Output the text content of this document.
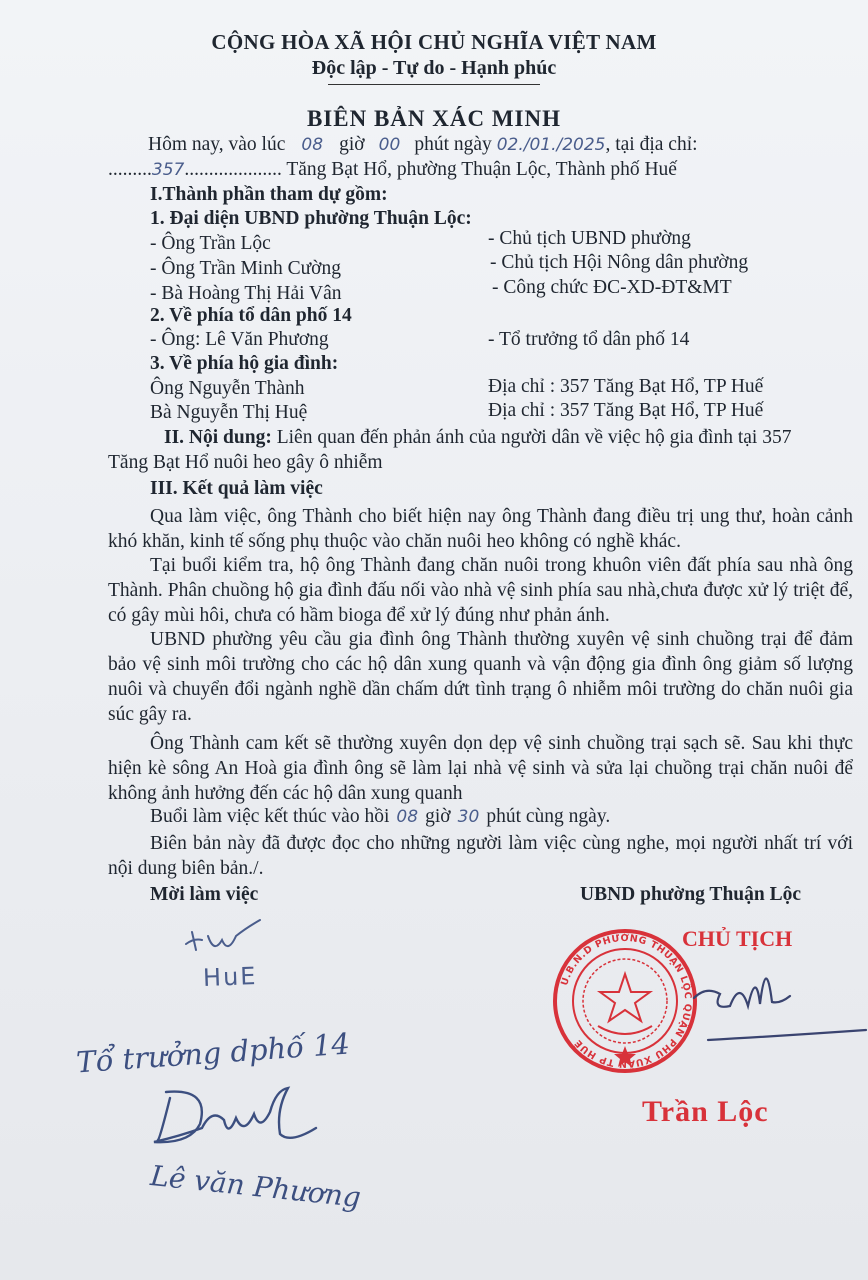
CỘNG HÒA XÃ HỘI CHỦ NGHĨA VIỆT NAM
Độc lập - Tự do - Hạnh phúc
BIÊN BẢN XÁC MINH
Hôm nay, vào lúc 08 giờ 00 phút ngày 02./01./2025, tại địa chỉ:
.........357.................... Tăng Bạt Hổ, phường Thuận Lộc, Thành phố Huế
I.Thành phần tham dự gồm:
1. Đại diện UBND phường Thuận Lộc:
- Ông Trần Lộc	- Chủ tịch UBND phường
- Ông Trần Minh Cường	- Chủ tịch Hội Nông dân phường
- Bà Hoàng Thị Hải Vân	- Công chức ĐC-XD-ĐT&MT
2. Về phía tổ dân phố 14
- Ông: Lê Văn Phương	- Tổ trưởng tổ dân phố 14
3. Về phía hộ gia đình:
Ông Nguyễn Thành	Địa chỉ : 357 Tăng Bạt Hổ, TP Huế
Bà Nguyễn Thị Huệ	Địa chỉ : 357 Tăng Bạt Hổ, TP Huế
II. Nội dung: Liên quan đến phản ánh của người dân về việc hộ gia đình tại 357
Tăng Bạt Hổ nuôi heo gây ô nhiễm
III. Kết quả làm việc
Qua làm việc, ông Thành cho biết hiện nay ông Thành đang điều trị ung thư, hoàn cảnh khó khăn, kinh tế sống phụ thuộc vào chăn nuôi heo không có nghề khác.
Tại buổi kiểm tra, hộ ông Thành đang chăn nuôi trong khuôn viên đất phía sau nhà ông Thành. Phân chuồng hộ gia đình đấu nối vào nhà vệ sinh phía sau nhà,chưa được xử lý triệt để, có gây mùi hôi, chưa có hầm bioga để xử lý đúng như phản ánh.
UBND phường yêu cầu gia đình ông Thành thường xuyên vệ sinh chuồng trại để đảm bảo vệ sinh môi trường cho các hộ dân xung quanh và vận động gia đình ông giảm số lượng nuôi và chuyển đổi ngành nghề dần chấm dứt tình trạng ô nhiễm môi trường do chăn nuôi gia súc gây ra.
Ông Thành cam kết sẽ thường xuyên dọn dẹp vệ sinh chuồng trại sạch sẽ. Sau khi thực hiện kè sông An Hoà gia đình ông sẽ làm lại nhà vệ sinh và sửa lại chuồng trại chăn nuôi để không ảnh hưởng đến các hộ dân xung quanh
Buổi làm việc kết thúc vào hồi 08 giờ 30 phút cùng ngày.
Biên bản này đã được đọc cho những người làm việc cùng nghe, mọi người nhất trí với nội dung biên bản./.
Mời làm việc	UBND phường Thuận Lộc
HuE
Tổ trưởng dphố 14
Lê văn Phương
CHỦ TỊCH
U.B.N.D PHƯỜNG THUẬN LỘC QUẬN PHÚ XUÂN TP HUẾ
Trần Lộc
